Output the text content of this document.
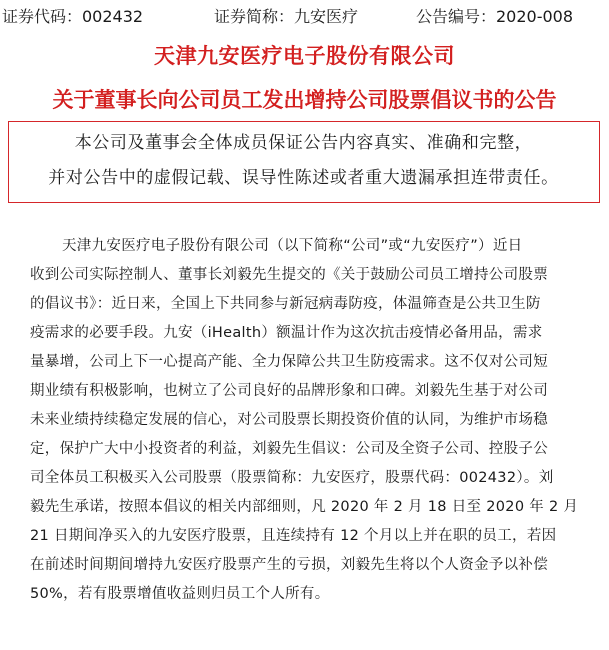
证券代码：002432	证券简称：九安医疗	公告编号：2020-008
天津九安医疗电子股份有限公司
关于董事长向公司员工发出增持公司股票倡议书的公告
本公司及董事会全体成员保证公告内容真实、准确和完整，
并对公告中的虚假记载、误导性陈述或者重大遗漏承担连带责任。
天津九安医疗电子股份有限公司（以下简称“公司”或“九安医疗”）近日
收到公司实际控制人、董事长刘毅先生提交的《关于鼓励公司员工增持公司股票
的倡议书》：近日来，全国上下共同参与新冠病毒防疫，体温筛查是公共卫生防
疫需求的必要手段。九安（iHealth）额温计作为这次抗击疫情必备用品，需求
量暴增，公司上下一心提高产能、全力保障公共卫生防疫需求。这不仅对公司短
期业绩有积极影响，也树立了公司良好的品牌形象和口碑。刘毅先生基于对公司
未来业绩持续稳定发展的信心，对公司股票长期投资价值的认同，为维护市场稳
定，保护广大中小投资者的利益，刘毅先生倡议：公司及全资子公司、控股子公
司全体员工积极买入公司股票（股票简称：九安医疗，股票代码：002432）。刘
毅先生承诺，按照本倡议的相关内部细则，凡 2020 年 2 月 18 日至 2020 年 2 月
21 日期间净买入的九安医疗股票，且连续持有 12 个月以上并在职的员工，若因
在前述时间期间增持九安医疗股票产生的亏损，刘毅先生将以个人资金予以补偿
50%，若有股票增值收益则归员工个人所有。
